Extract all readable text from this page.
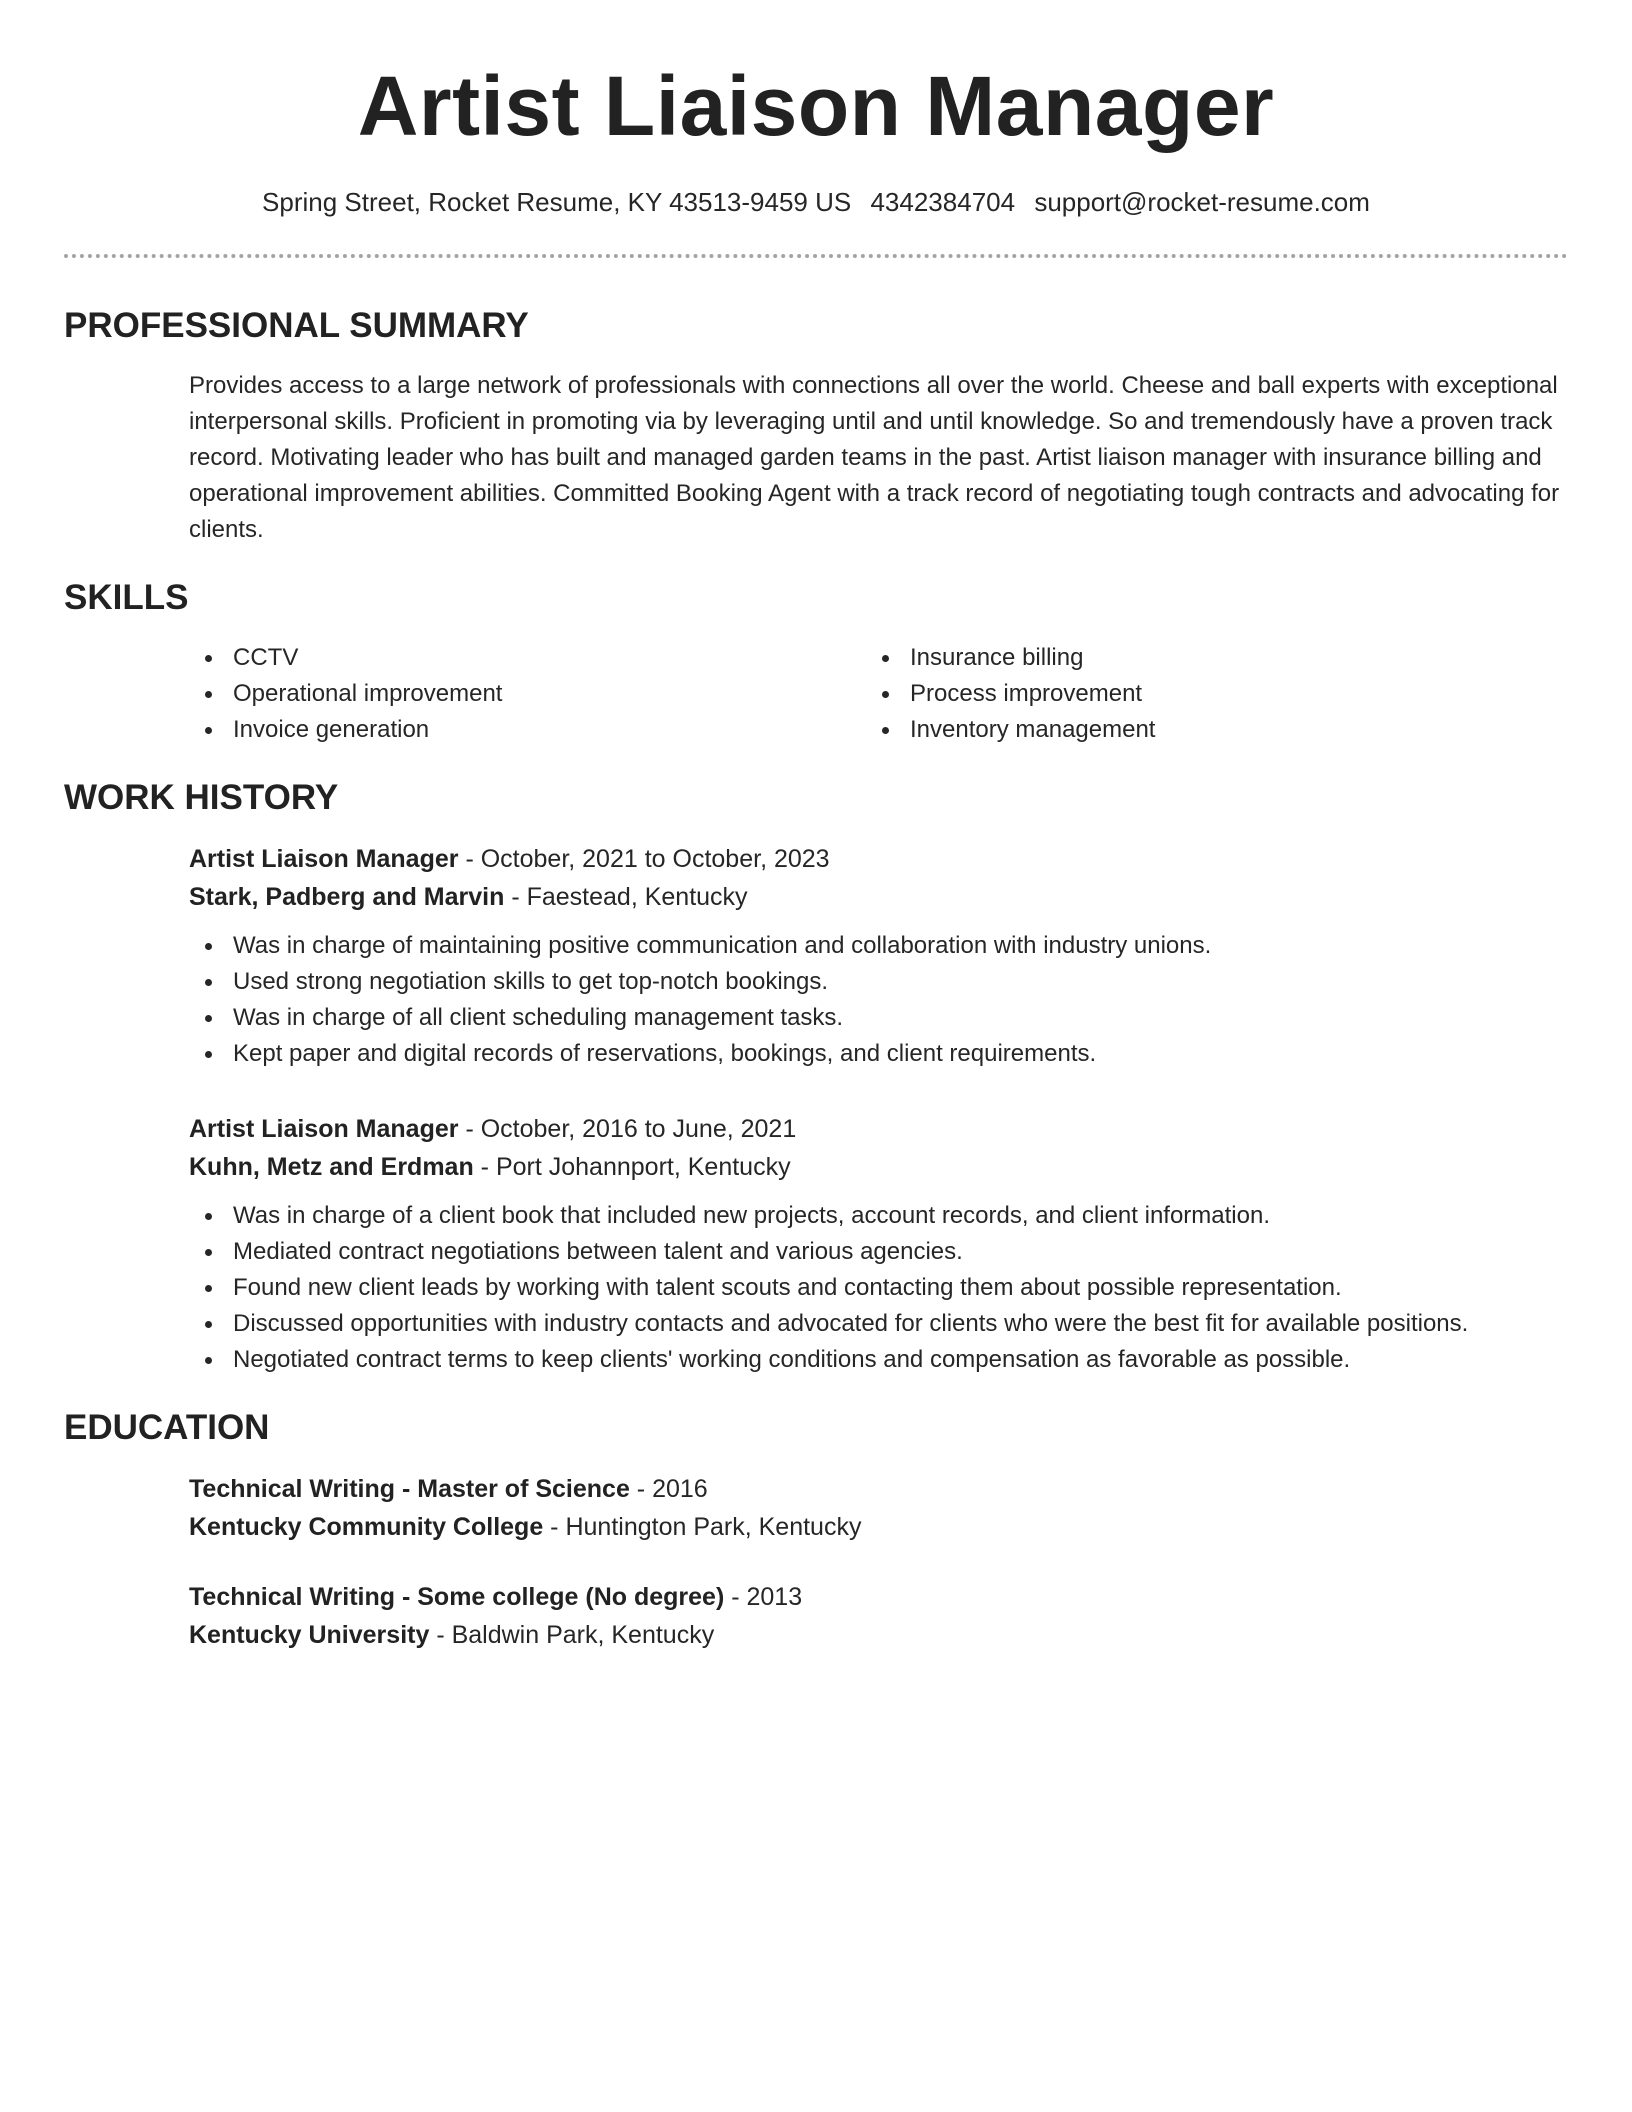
Artist Liaison Manager
Spring Street, Rocket Resume, KY 43513-9459 US 4342384704 support@rocket-resume.com
PROFESSIONAL SUMMARY

Provides access to a large network of professionals with connections all over the world. Cheese and ball experts with exceptional interpersonal skills. Proficient in promoting via by leveraging until and until knowledge. So and tremendously have a proven track record. Motivating leader who has built and managed garden teams in the past. Artist liaison manager with insurance billing and operational improvement abilities. Committed Booking Agent with a track record of negotiating tough contracts and advocating for clients.

SKILLS
CCTV
Operational improvement
Invoice generation
Insurance billing
Process improvement
Inventory management
WORK HISTORY
Artist Liaison Manager - October, 2021 to October, 2023
Stark, Padberg and Marvin - Faestead, Kentucky
Was in charge of maintaining positive communication and collaboration with industry unions.
Used strong negotiation skills to get top-notch bookings.
Was in charge of all client scheduling management tasks.
Kept paper and digital records of reservations, bookings, and client requirements.
Artist Liaison Manager - October, 2016 to June, 2021
Kuhn, Metz and Erdman - Port Johannport, Kentucky
Was in charge of a client book that included new projects, account records, and client information.
Mediated contract negotiations between talent and various agencies.
Found new client leads by working with talent scouts and contacting them about possible representation.
Discussed opportunities with industry contacts and advocated for clients who were the best fit for available positions.
Negotiated contract terms to keep clients' working conditions and compensation as favorable as possible.
EDUCATION
Technical Writing - Master of Science - 2016
Kentucky Community College - Huntington Park, Kentucky
Technical Writing - Some college (No degree) - 2013
Kentucky University - Baldwin Park, Kentucky
